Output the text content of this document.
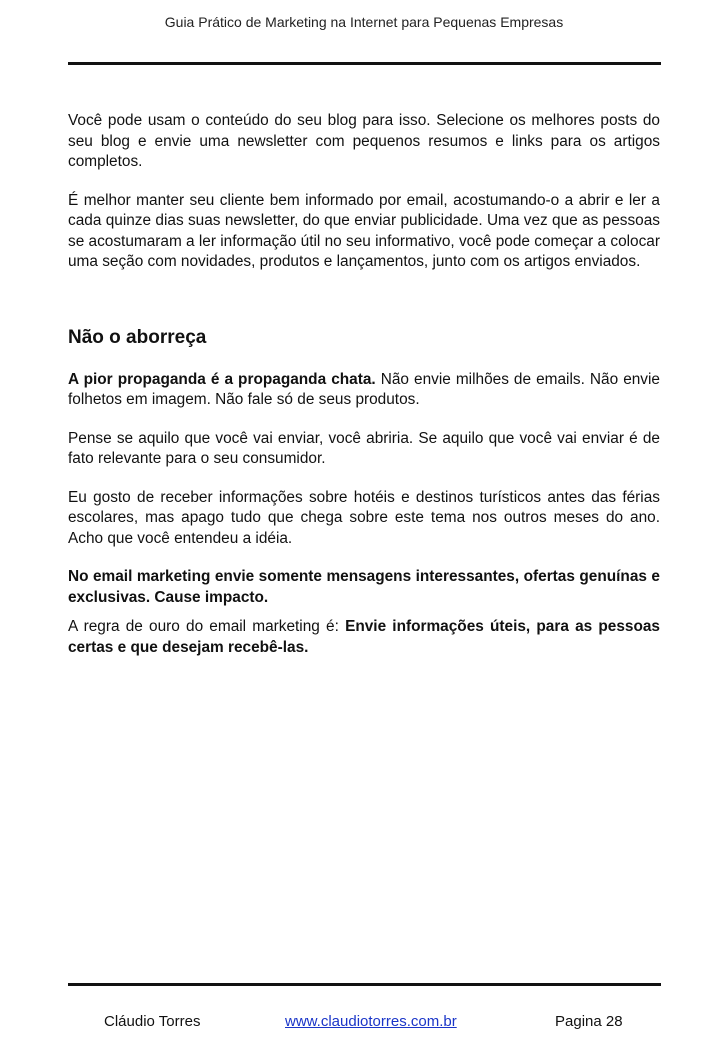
Guia Prático de Marketing na Internet para Pequenas Empresas

Você pode usam o conteúdo do seu blog para isso. Selecione os melhores posts do seu blog e envie uma newsletter com pequenos resumos e links para os artigos completos.

É melhor manter seu cliente bem informado por email, acostumando-o a abrir e ler a cada quinze dias suas newsletter, do que enviar publicidade. Uma vez que as pessoas se acostumaram a ler informação útil no seu informativo, você pode começar a colocar uma seção com novidades, produtos e lançamentos, junto com os artigos enviados.

Não o aborreça

A pior propaganda é a propaganda chata. Não envie milhões de emails. Não envie folhetos em imagem. Não fale só de seus produtos.

Pense se aquilo que você vai enviar, você abriria. Se aquilo que você vai enviar é de fato relevante para o seu consumidor.

Eu gosto de receber informações sobre hotéis e destinos turísticos antes das férias escolares, mas apago tudo que chega sobre este tema nos outros meses do ano. Acho que você entendeu a idéia.

No email marketing envie somente mensagens interessantes, ofertas genuínas e exclusivas. Cause impacto.

A regra de ouro do email marketing é: Envie informações úteis, para as pessoas certas e que desejam recebê-las.

Cláudio Torres	www.claudiotorres.com.br	Pagina 28
